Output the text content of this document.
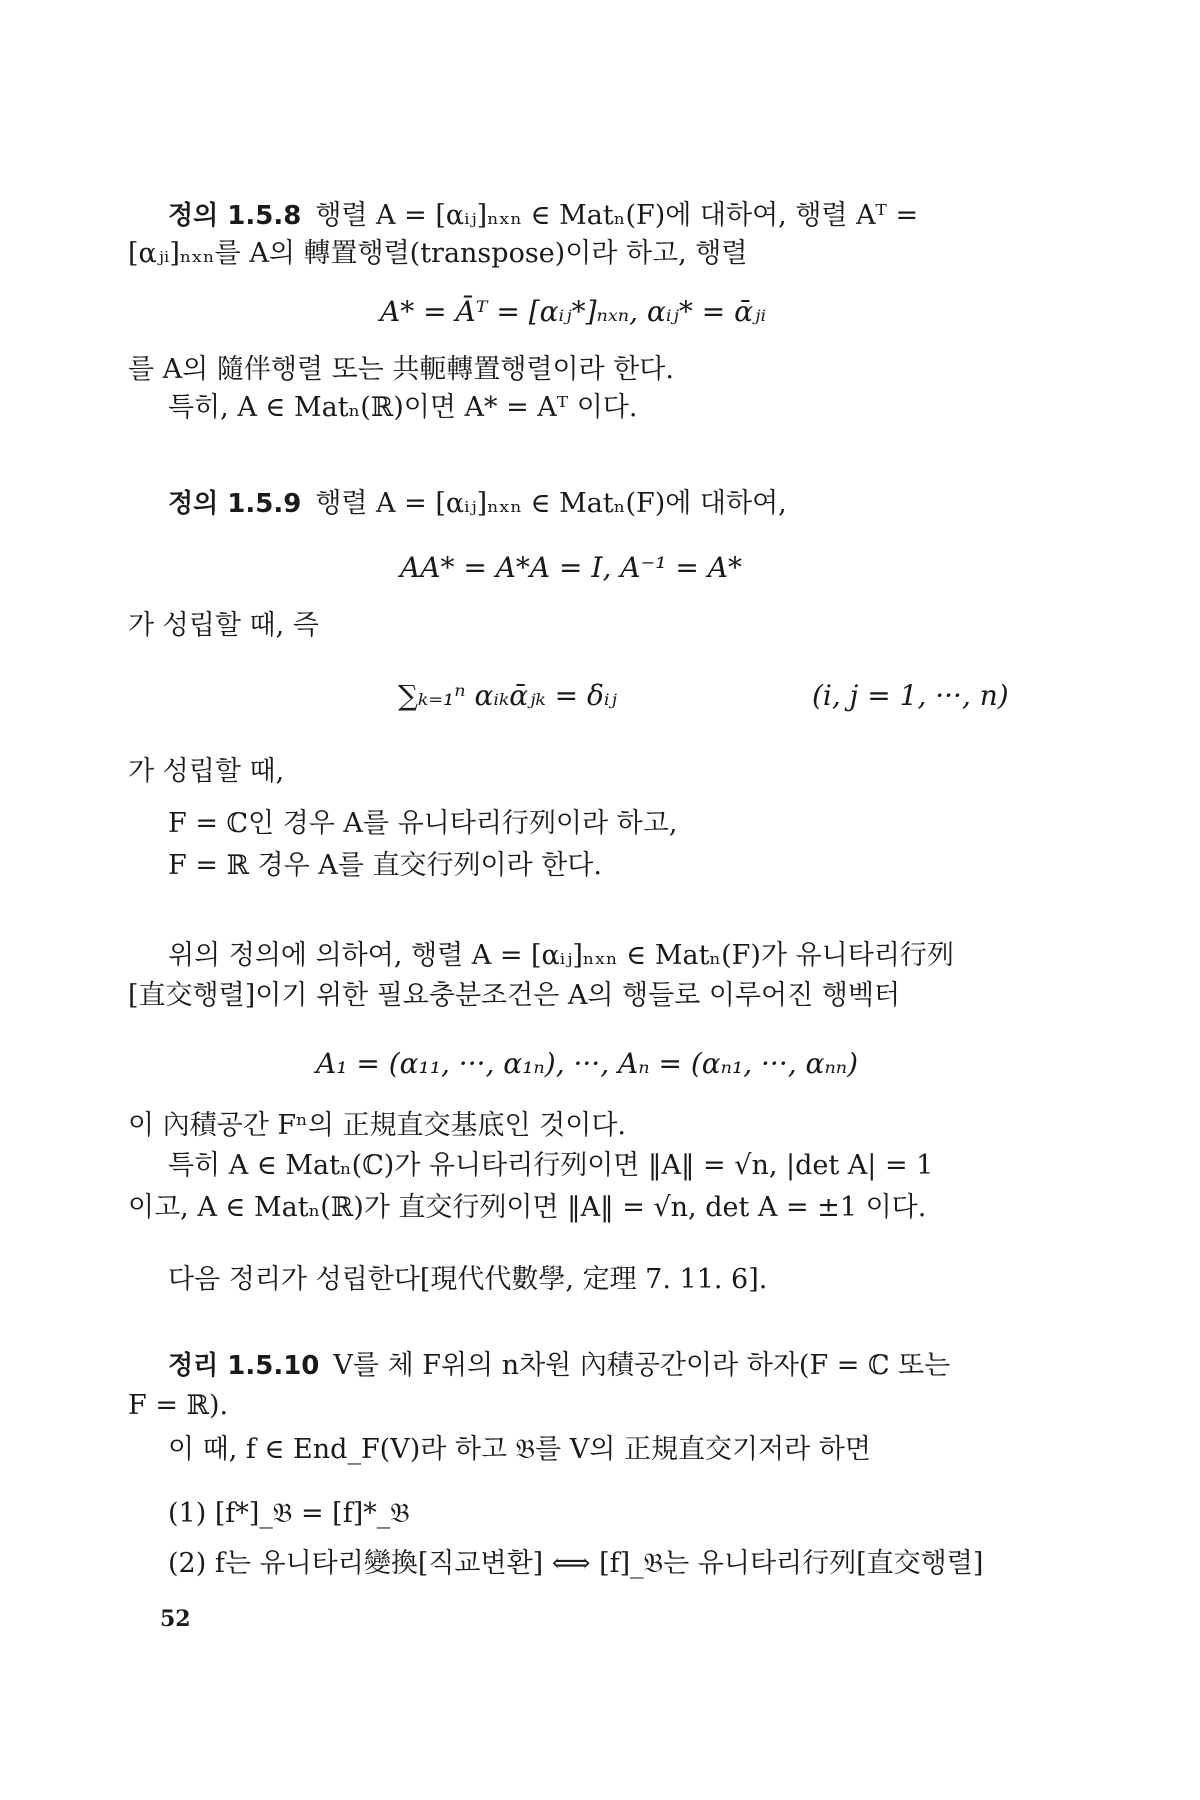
정의 1.5.8 행렬 A = [αᵢⱼ]ₙₓₙ ∈ Matₙ(F)에 대하여, 행렬 Aᵀ =
[αⱼᵢ]ₙₓₙ를 A의 轉置행렬(transpose)이라 하고, 행렬
A* = Āᵀ = [αᵢⱼ*]ₙₓₙ, αᵢⱼ* = ᾱⱼᵢ
를 A의 隨伴행렬 또는 共軛轉置행렬이라 한다.
특히, A ∈ Matₙ(ℝ)이면 A* = Aᵀ 이다.
정의 1.5.9 행렬 A = [αᵢⱼ]ₙₓₙ ∈ Matₙ(F)에 대하여,
AA* = A*A = I, A⁻¹ = A*
가 성립할 때, 즉
∑ₖ₌₁ⁿ αᵢₖᾱⱼₖ = δᵢⱼ	(i, j = 1, ···, n)
가 성립할 때,
F = ℂ인 경우 A를 유니타리行列이라 하고,
F = ℝ 경우 A를 直交行列이라 한다.
위의 정의에 의하여, 행렬 A = [αᵢⱼ]ₙₓₙ ∈ Matₙ(F)가 유니타리行列
[直交행렬]이기 위한 필요충분조건은 A의 행들로 이루어진 행벡터
A₁ = (α₁₁, ···, α₁ₙ), ···, Aₙ = (αₙ₁, ···, αₙₙ)
이 內積공간 Fⁿ의 正規直交基底인 것이다.
특히 A ∈ Matₙ(ℂ)가 유니타리行列이면 ‖A‖ = √n, |det A| = 1
이고, A ∈ Matₙ(ℝ)가 直交行列이면 ‖A‖ = √n, det A = ±1 이다.
다음 정리가 성립한다[現代代數學, 定理 7. 11. 6].
정리 1.5.10 V를 체 F위의 n차원 內積공간이라 하자(F = ℂ 또는
F = ℝ).
이 때, f ∈ End_F(V)라 하고 𝔅를 V의 正規直交기저라 하면
(1) [f*]_𝔅 = [f]*_𝔅
(2) f는 유니타리變換[직교변환] ⟺ [f]_𝔅는 유니타리行列[直交행렬]
52
